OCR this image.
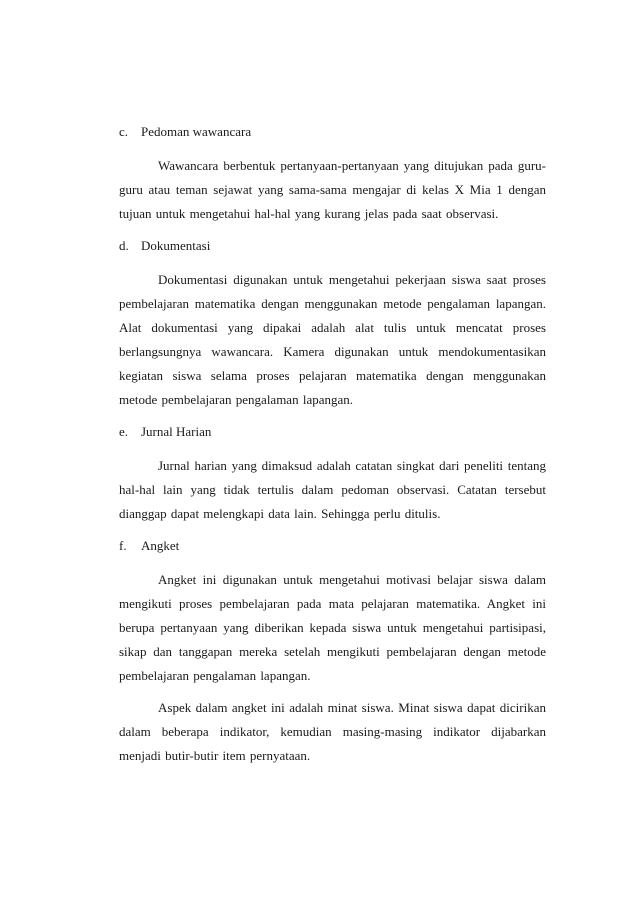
c. Pedoman wawancara

Wawancara berbentuk pertanyaan-pertanyaan yang ditujukan pada guru-guru atau teman sejawat yang sama-sama mengajar di kelas X Mia 1 dengan tujuan untuk mengetahui hal-hal yang kurang jelas pada saat observasi.

d. Dokumentasi

Dokumentasi digunakan untuk mengetahui pekerjaan siswa saat proses pembelajaran matematika dengan menggunakan metode pengalaman lapangan. Alat dokumentasi yang dipakai adalah alat tulis untuk mencatat proses berlangsungnya wawancara. Kamera digunakan untuk mendokumentasikan kegiatan siswa selama proses pelajaran matematika dengan menggunakan metode pembelajaran pengalaman lapangan.

e. Jurnal Harian

Jurnal harian yang dimaksud adalah catatan singkat dari peneliti tentang hal-hal lain yang tidak tertulis dalam pedoman observasi. Catatan tersebut dianggap dapat melengkapi data lain. Sehingga perlu ditulis.

f. Angket

Angket ini digunakan untuk mengetahui motivasi belajar siswa dalam mengikuti proses pembelajaran pada mata pelajaran matematika. Angket ini berupa pertanyaan yang diberikan kepada siswa untuk mengetahui partisipasi, sikap dan tanggapan mereka setelah mengikuti pembelajaran dengan metode pembelajaran pengalaman lapangan.

Aspek dalam angket ini adalah minat siswa. Minat siswa dapat dicirikan dalam beberapa indikator, kemudian masing-masing indikator dijabarkan menjadi butir-butir item pernyataan.
